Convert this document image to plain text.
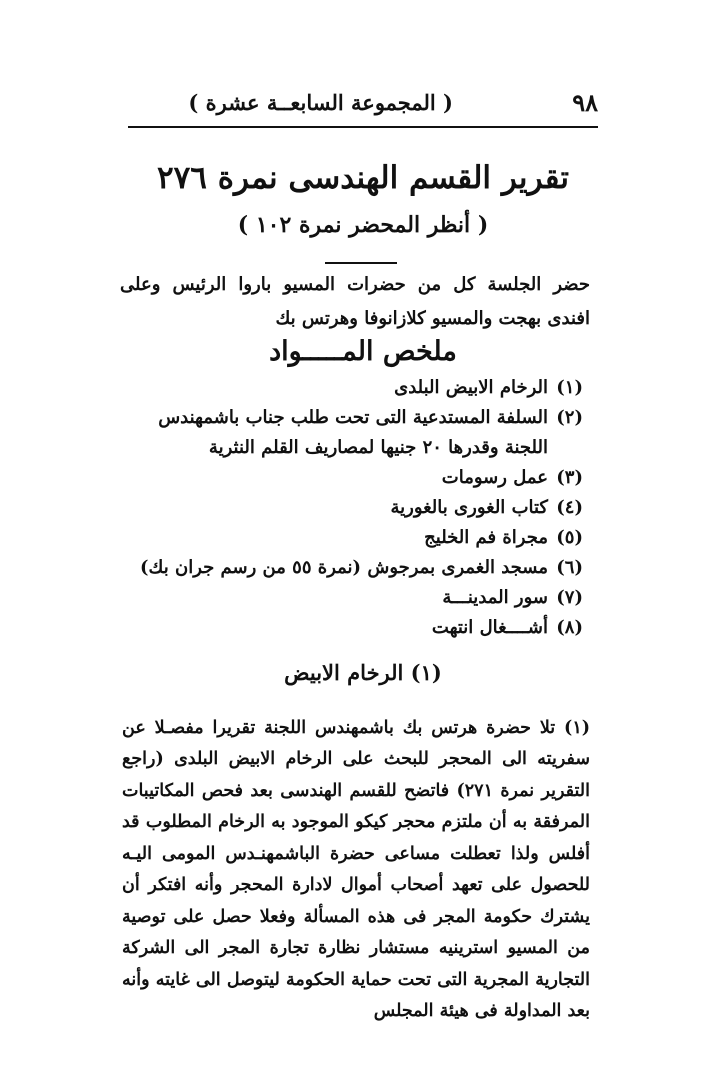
٩٨
( المجموعة السابعــة عشرة )
تقرير القسم الهندسى نمرة ٢٧٦
( أنظر المحضر نمرة ١٠٢ )
حضر الجلسة كل من حضرات المسيو باروا الرئيس وعلى افندى بهجت والمسيو كلازانوفا وهرتس بك
ملخص المـــــواد
(١)
الرخام الابيض البلدى
(٢)
السلفة المستدعية التى تحت طلب جناب باشمهندس اللجنة وقدرها ٢٠ جنيها لمصاريف القلم النثرية
(٣)
عمل رسومات
(٤)
كتاب الغورى بالغورية
(٥)
مجراة فم الخليج
(٦)
مسجد الغمرى بمرجوش (نمرة ٥٥ من رسم جران بك)
(٧)
سور المدينـــة
(٨)
أشــــغال انتهت
(١) الرخام الابيض

(١) تلا حضرة هرتس بك باشمهندس اللجنة تقريرا مفصـلا عن سفريته الى المحجر للبحث على الرخام الابيض البلدى (راجع التقرير نمرة ٢٧١) فاتضح للقسم الهندسى بعد فحص المكاتيبات المرفقة به أن ملتزم محجر كيكو الموجود به الرخام المطلوب قد أفلس ولذا تعطلت مساعى حضرة الباشمهنـدس المومى اليـه للحصول على تعهد أصحاب أموال لادارة المحجر وأنه افتكر أن يشترك حكومة المجر فى هذه المسألة وفعلا حصل على توصية من المسيو استرينيه مستشار نظارة تجارة المجر الى الشركة التجارية المجرية التى تحت حماية الحكومة ليتوصل الى غايته وأنه بعد المداولة فى هيئة المجلس
